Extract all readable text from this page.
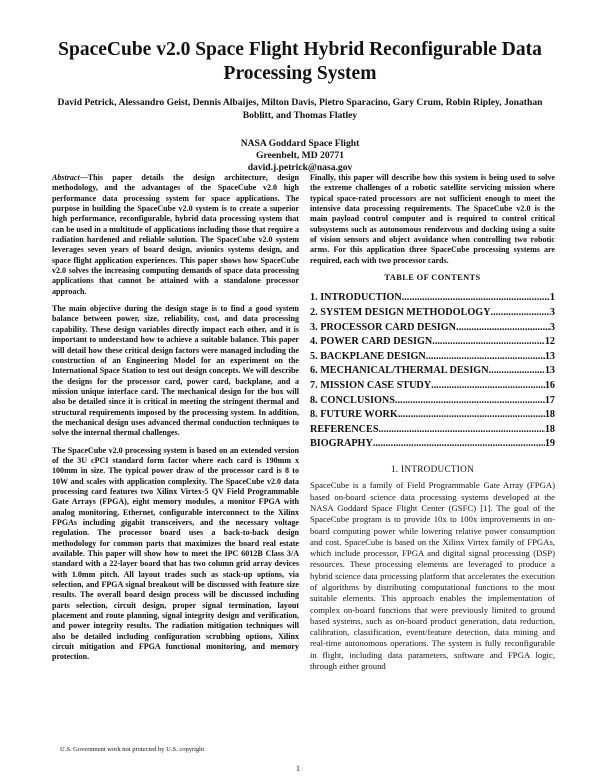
SpaceCube v2.0 Space Flight Hybrid Reconfigurable Data Processing System
David Petrick, Alessandro Geist, Dennis Albaijes, Milton Davis, Pietro Sparacino, Gary Crum, Robin Ripley, Jonathan Boblitt, and Thomas Flatley
NASA Goddard Space Flight
Greenbelt, MD 20771
david.j.petrick@nasa.gov

Abstract—This paper details the design architecture, design methodology, and the advantages of the SpaceCube v2.0 high performance data processing system for space applications. The purpose in building the SpaceCube v2.0 system is to create a superior high performance, reconfigurable, hybrid data processing system that can be used in a multitude of applications including those that require a radiation hardened and reliable solution. The SpaceCube v2.0 system leverages seven years of board design, avionics systems design, and space flight application experiences. This paper shows how SpaceCube v2.0 solves the increasing computing demands of space data processing applications that cannot be attained with a standalone processor approach.

The main objective during the design stage is to find a good system balance between power, size, reliability, cost, and data processing capability. These design variables directly impact each other, and it is important to understand how to achieve a suitable balance. This paper will detail how these critical design factors were managed including the construction of an Engineering Model for an experiment on the International Space Station to test out design concepts. We will describe the designs for the processor card, power card, backplane, and a mission unique interface card. The mechanical design for the box will also be detailed since it is critical in meeting the stringent thermal and structural requirements imposed by the processing system. In addition, the mechanical design uses advanced thermal conduction techniques to solve the internal thermal challenges.

The SpaceCube v2.0 processing system is based on an extended version of the 3U cPCI standard form factor where each card is 190mm x 100mm in size. The typical power draw of the processor card is 8 to 10W and scales with application complexity. The SpaceCube v2.0 data processing card features two Xilinx Virtex-5 QV Field Programmable Gate Arrays (FPGA), eight memory modules, a monitor FPGA with analog monitoring, Ethernet, configurable interconnect to the Xilinx FPGAs including gigabit transceivers, and the necessary voltage regulation. The processor board uses a back-to-back design methodology for common parts that maximizes the board real estate available. This paper will show how to meet the IPC 6012B Class 3/A standard with a 22-layer board that has two column grid array devices with 1.0mm pitch. All layout trades such as stack-up options, via selection, and FPGA signal breakout will be discussed with feature size results. The overall board design process will be discussed including parts selection, circuit design, proper signal termination, layout placement and route planning, signal integrity design and verification, and power integrity results. The radiation mitigation techniques will also be detailed including configuration scrubbing options, Xilinx circuit mitigation and FPGA functional monitoring, and memory protection.

Finally, this paper will describe how this system is being used to solve the extreme challenges of a robotic satellite servicing mission where typical space-rated processors are not sufficient enough to meet the intensive data processing requirements. The SpaceCube v2.0 is the main payload control computer and is required to control critical subsystems such as autonomous rendezvous and docking using a suite of vision sensors and object avoidance when controlling two robotic arms. For this application three SpaceCube processing systems are required, each with two processor cards.

TABLE OF CONTENTS
1. INTRODUCTION .....	1
2. SYSTEM DESIGN METHODOLOGY .....	3
3. PROCESSOR CARD DESIGN .....	3
4. POWER CARD DESIGN .....	12
5. BACKPLANE DESIGN .....	13
6. MECHANICAL/THERMAL DESIGN .....	13
7. MISSION CASE STUDY .....	16
8. CONCLUSIONS .....	17
8. FUTURE WORK .....	18
REFERENCES .....	18
BIOGRAPHY .....	19
1. INTRODUCTION
SpaceCube is a family of Field Programmable Gate Array (FPGA) based on-board science data processing systems developed at the NASA Goddard Space Flight Center (GSFC) [1]. The goal of the SpaceCube program is to provide 10x to 100x improvements in on-board computing power while lowering relative power consumption and cost. SpaceCube is based on the Xilinx Virtex family of FPGAs, which include processor, FPGA and digital signal processing (DSP) resources. These processing elements are leveraged to produce a hybrid science data processing platform that accelerates the execution of algorithms by distributing computational functions to the most suitable elements. This approach enables the implementation of complex on-board functions that were previously limited to ground based systems, such as on-board product generation, data reduction, calibration, classification, event/feature detection, data mining and real-time autonomous operations. The system is fully reconfigurable in flight, including data parameters, software and FPGA logic, through either ground
U.S. Government work not protected by U.S. copyright
1
